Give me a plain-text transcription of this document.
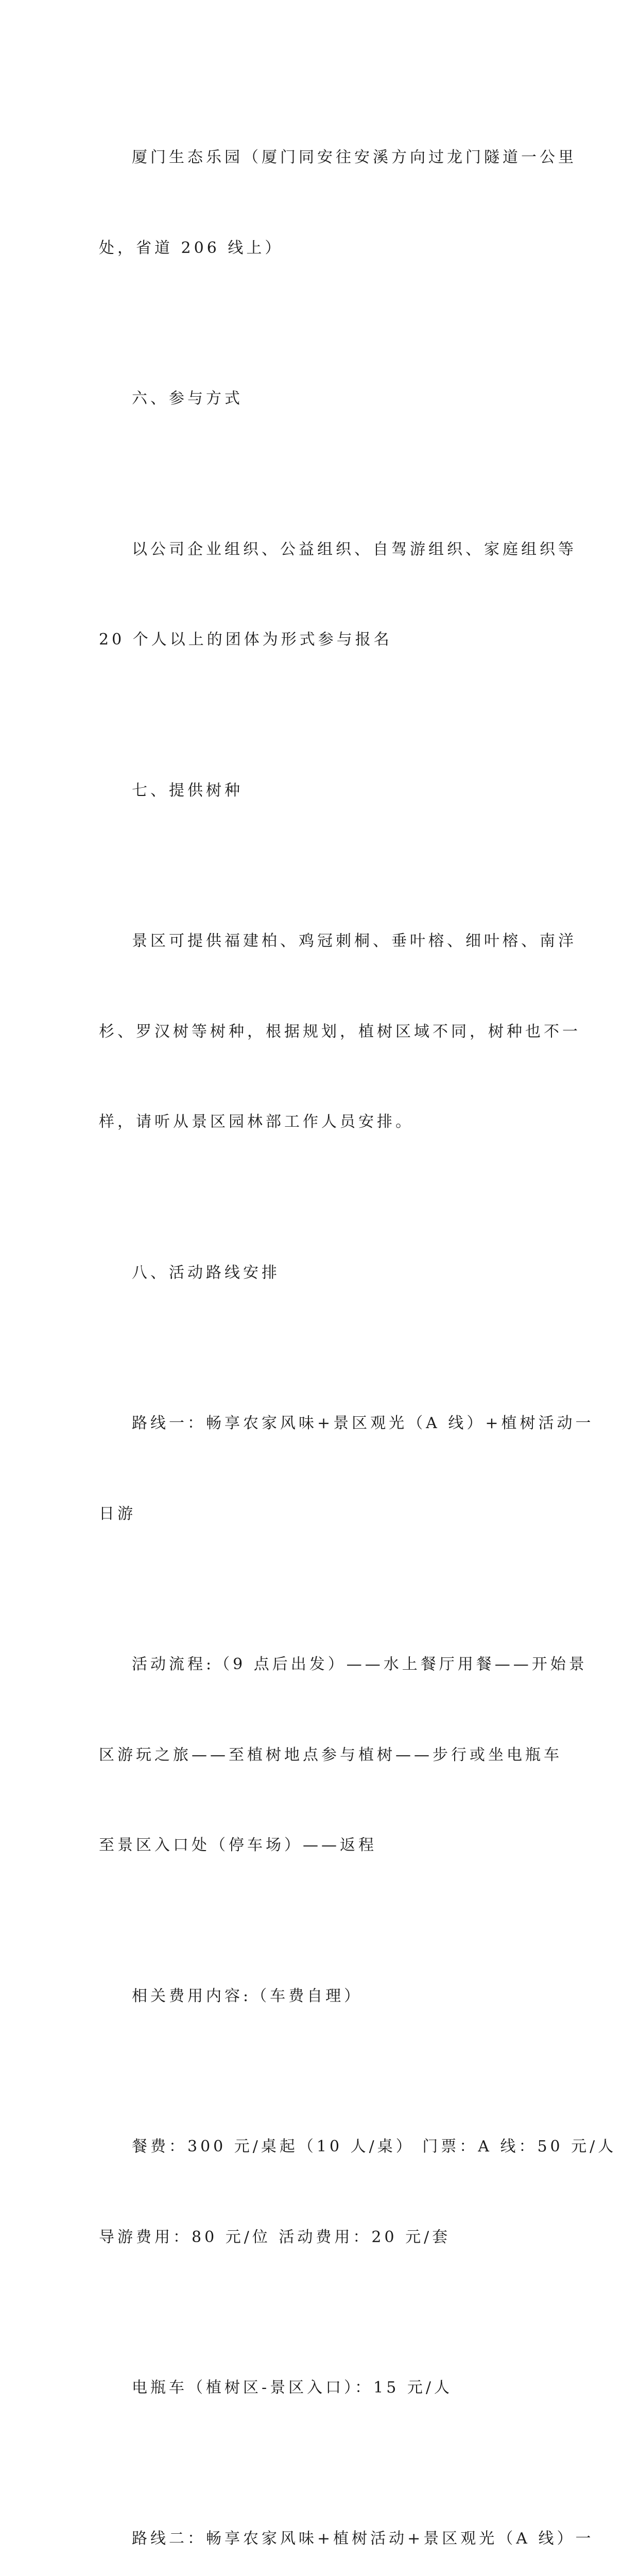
厦门生态乐园（厦门同安往安溪方向过龙门隧道一公里

处，省道 206 线上）

六、参与方式

以公司企业组织、公益组织、自驾游组织、家庭组织等

20 个人以上的团体为形式参与报名

七、提供树种

景区可提供福建柏、鸡冠刺桐、垂叶榕、细叶榕、南洋

杉、罗汉树等树种，根据规划，植树区域不同，树种也不一

样，请听从景区园林部工作人员安排。

八、活动路线安排

路线一：畅享农家风味+景区观光（A 线）+植树活动一

日游

活动流程:（9 点后出发）——水上餐厅用餐——开始景

区游玩之旅——至植树地点参与植树——步行或坐电瓶车

至景区入口处（停车场）——返程

相关费用内容:（车费自理）

餐费：300 元/桌起（10 人/桌） 门票：A 线：50 元/人

导游费用：80 元/位 活动费用：20 元/套

电瓶车（植树区-景区入口）：15 元/人

路线二：畅享农家风味+植树活动+景区观光（A 线）一
